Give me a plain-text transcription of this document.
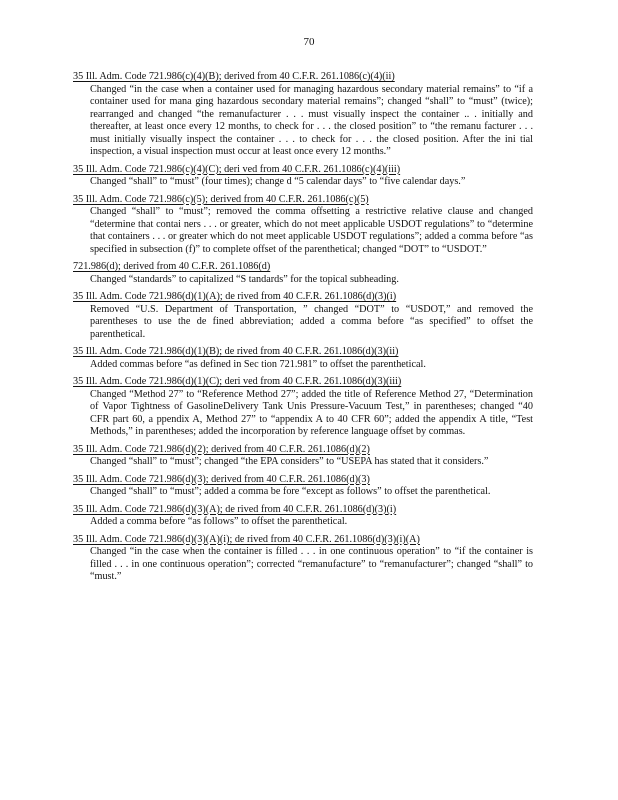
70
35 Ill. Adm. Code 721.986(c)(4)(B); derived from 40 C.F.R. 261.1086(c)(4)(ii)
Changed “in the case when a container used for managing hazardous secondary material remains” to “if a container used for mana ging hazardous secondary material remains”; changed “shall” to “must” (twice); rearranged and changed “the remanufacturer . . . must visually inspect the container .. . initially and thereafter, at least once every 12 months, to check for . . . the closed position” to “the remanu facturer . . . must initially visually inspect the container . . . to check for . . . the closed position. After the ini tial inspection, a visual inspection must occur at least once every 12 months.”
35 Ill. Adm. Code 721.986(c)(4)(C); deri ved from 40 C.F.R. 261.1086(c)(4)(iii)
Changed “shall” to “must” (four times); change d “5 calendar days” to “five calendar days.”
35 Ill. Adm. Code 721.986(c)(5); derived from 40 C.F.R. 261.1086(c)(5)
Changed “shall” to “must”; removed the comma offsetting a restrictive relative clause and changed “determine that contai ners . . . or greater, which do not meet applicable USDOT regulations” to “determine that containers . . . or greater which do not meet applicable USDOT regulations”; added a comma before “as specified in subsection (f)” to complete offset of the parenthetical; changed “DOT” to “USDOT.”
721.986(d); derived from 40 C.F.R. 261.1086(d)
Changed “standards” to capitalized “S tandards” for the topical subheading.
35 Ill. Adm. Code 721.986(d)(1)(A); de rived from 40 C.F.R. 261.1086(d)(3)(i)
Removed “U.S. Department of Transportation, ” changed “DOT” to “USDOT,” and removed the parentheses to use the de fined abbreviation; added a comma before “as specified” to offset the parenthetical.
35 Ill. Adm. Code 721.986(d)(1)(B); de rived from 40 C.F.R. 261.1086(d)(3)(ii)
Added commas before “as defined in Sec tion 721.981” to offset the parenthetical.
35 Ill. Adm. Code 721.986(d)(1)(C); deri ved from 40 C.F.R. 261.1086(d)(3)(iii)
Changed “Method 27” to “Reference Method 27”; added the title of Reference Method 27, “Determination of Vapor Tightness of GasolineDelivery Tank Unis Pressure-Vacuum Test,” in parentheses; changed “40 CFR part 60, a ppendix A, Method 27” to “appendix A to 40 CFR 60”; added the appendix A title, “Test Methods,” in parentheses; added the incorporation by reference language offset by commas.
35 Ill. Adm. Code 721.986(d)(2); derived from 40 C.F.R. 261.1086(d)(2)
Changed “shall” to “must”; changed “the EPA considers” to “USEPA has stated that it considers.”
35 Ill. Adm. Code 721.986(d)(3); derived from 40 C.F.R. 261.1086(d)(3)
Changed “shall” to “must”; added a comma be fore “except as follows” to offset the parenthetical.
35 Ill. Adm. Code 721.986(d)(3)(A); de rived from 40 C.F.R. 261.1086(d)(3)(i)
Added a comma before “as follows” to offset the parenthetical.
35 Ill. Adm. Code 721.986(d)(3)(A)(i); de rived from 40 C.F.R. 261.1086(d)(3)(i)(A)
Changed “in the case when the container is filled . . . in one continuous operation” to “if the container is filled . . . in one continuous operation”; corrected “remanufacture” to “remanufacturer”; changed “shall” to “must.”
